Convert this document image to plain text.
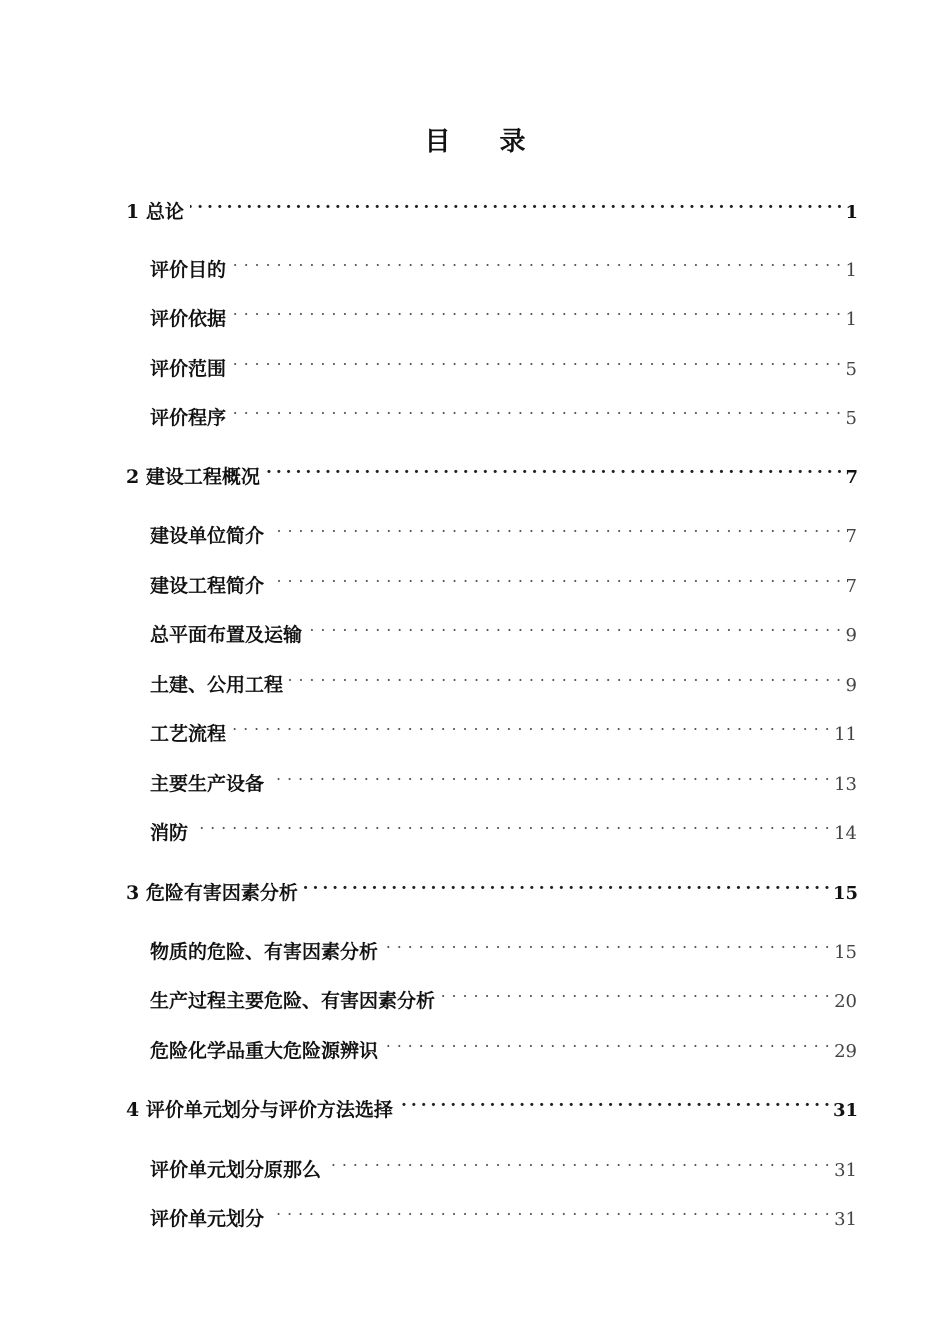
目 录
1 总论 . . .	1
评价目的 . . .	1
评价依据 . . .	1
评价范围 . . .	5
评价程序 . . .	5
2 建设工程概况 . . .	7
建设单位简介 . . .	7
建设工程简介 . . .	7
总平面布置及运输 . . .	9
土建、公用工程 . . .	9
工艺流程 . . .	11
主要生产设备 . . .	13
消防 . . .	14
3 危险有害因素分析 . . .	15
物质的危险、有害因素分析 . . .	15
生产过程主要危险、有害因素分析 . . .	20
危险化学品重大危险源辨识 . . .	29
4 评价单元划分与评价方法选择 . . .	31
评价单元划分原那么 . . .	31
评价单元划分 . . .	31
